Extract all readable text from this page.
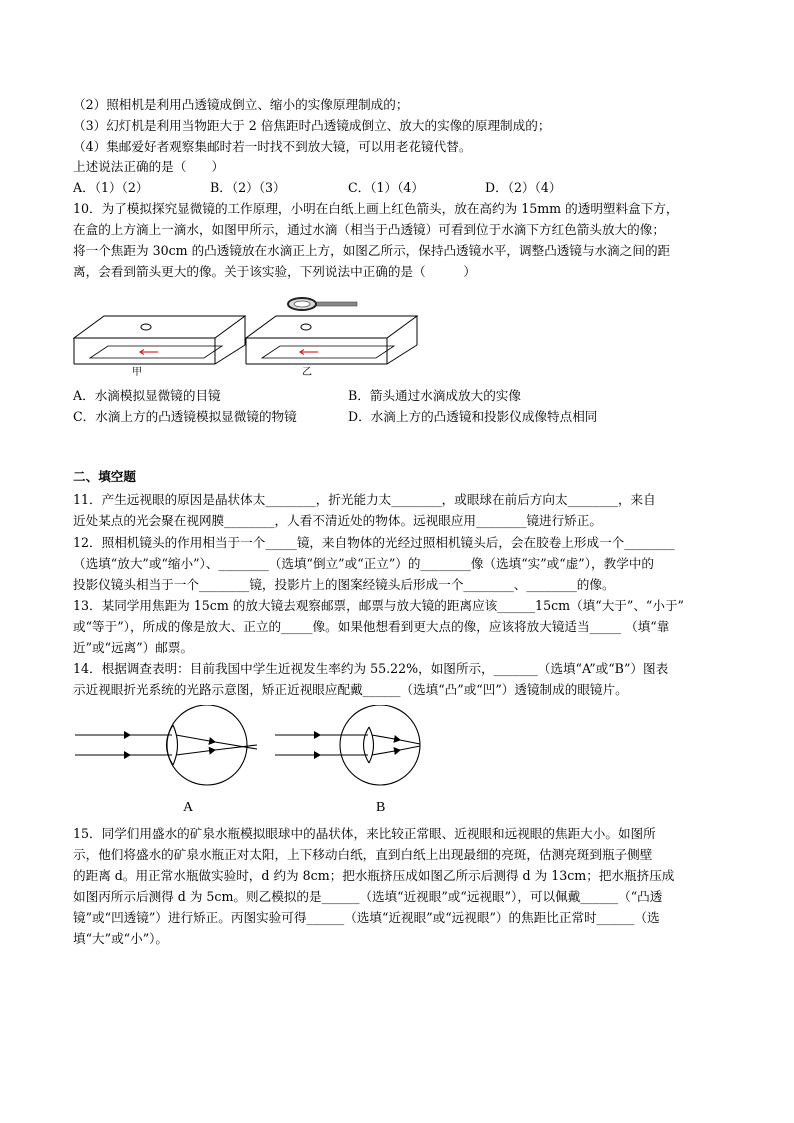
（2）照相机是利用凸透镜成倒立、缩小的实像原理制成的；
（3）幻灯机是利用当物距大于 2 倍焦距时凸透镜成倒立、放大的实像的原理制成的；
（4）集邮爱好者观察集邮时若一时找不到放大镜，可以用老花镜代替。
上述说法正确的是（　　）
A．（1）（2）	B．（2）（3）	C．（1）（4）	D．（2）（4）
10．为了模拟探究显微镜的工作原理，小明在白纸上画上红色箭头，放在高约为 15mm 的透明塑料盒下方，
在盒的上方滴上一滴水，如图甲所示，通过水滴（相当于凸透镜）可看到位于水滴下方红色箭头放大的像；
将一个焦距为 30cm 的凸透镜放在水滴正上方，如图乙所示，保持凸透镜水平，调整凸透镜与水滴之间的距
离，会看到箭头更大的像。关于该实验，下列说法中正确的是（　　　）
甲	乙
A．水滴模拟显微镜的目镜	B．箭头通过水滴成放大的实像
C．水滴上方的凸透镜模拟显微镜的物镜	D．水滴上方的凸透镜和投影仪成像特点相同
二、填空题
11．产生远视眼的原因是晶状体太________，折光能力太________，或眼球在前后方向太________，来自
近处某点的光会聚在视网膜________，人看不清近处的物体。远视眼应用________镜进行矫正。
12．照相机镜头的作用相当于一个_____镜，来自物体的光经过照相机镜头后，会在胶卷上形成一个________
（选填“放大”或“缩小”）、________（选填“倒立”或“正立”）的________像（选填“实”或“虚”），教学中的
投影仪镜头相当于一个________镜，投影片上的图案经镜头后形成一个________、________的像。
13．某同学用焦距为 15cm 的放大镜去观察邮票，邮票与放大镜的距离应该______15cm（填“大于”、“小于”
或“等于”），所成的像是放大、正立的_____像。如果他想看到更大点的像，应该将放大镜适当_____ （填“靠
近”或“远离”）邮票。
14．根据调查表明：目前我国中学生近视发生率约为 55.22%，如图所示，_______（选填“A”或“B”）图表
示近视眼折光系统的光路示意图，矫正近视眼应配戴______（选填“凸”或“凹”）透镜制成的眼镜片。
A	B
15．同学们用盛水的矿泉水瓶模拟眼球中的晶状体，来比较正常眼、近视眼和远视眼的焦距大小。如图所
示，他们将盛水的矿泉水瓶正对太阳，上下移动白纸，直到白纸上出现最细的亮斑，估测亮斑到瓶子侧壁
的距离 d。用正常水瓶做实验时，d 约为 8cm；把水瓶挤压成如图乙所示后测得 d 为 13cm；把水瓶挤压成
如图丙所示后测得 d 为 5cm。则乙模拟的是______（选填“近视眼”或“远视眼”），可以佩戴______（“凸透
镜”或“凹透镜”）进行矫正。丙图实验可得______（选填“近视眼”或“远视眼”）的焦距比正常时______（选
填“大”或“小”）。
